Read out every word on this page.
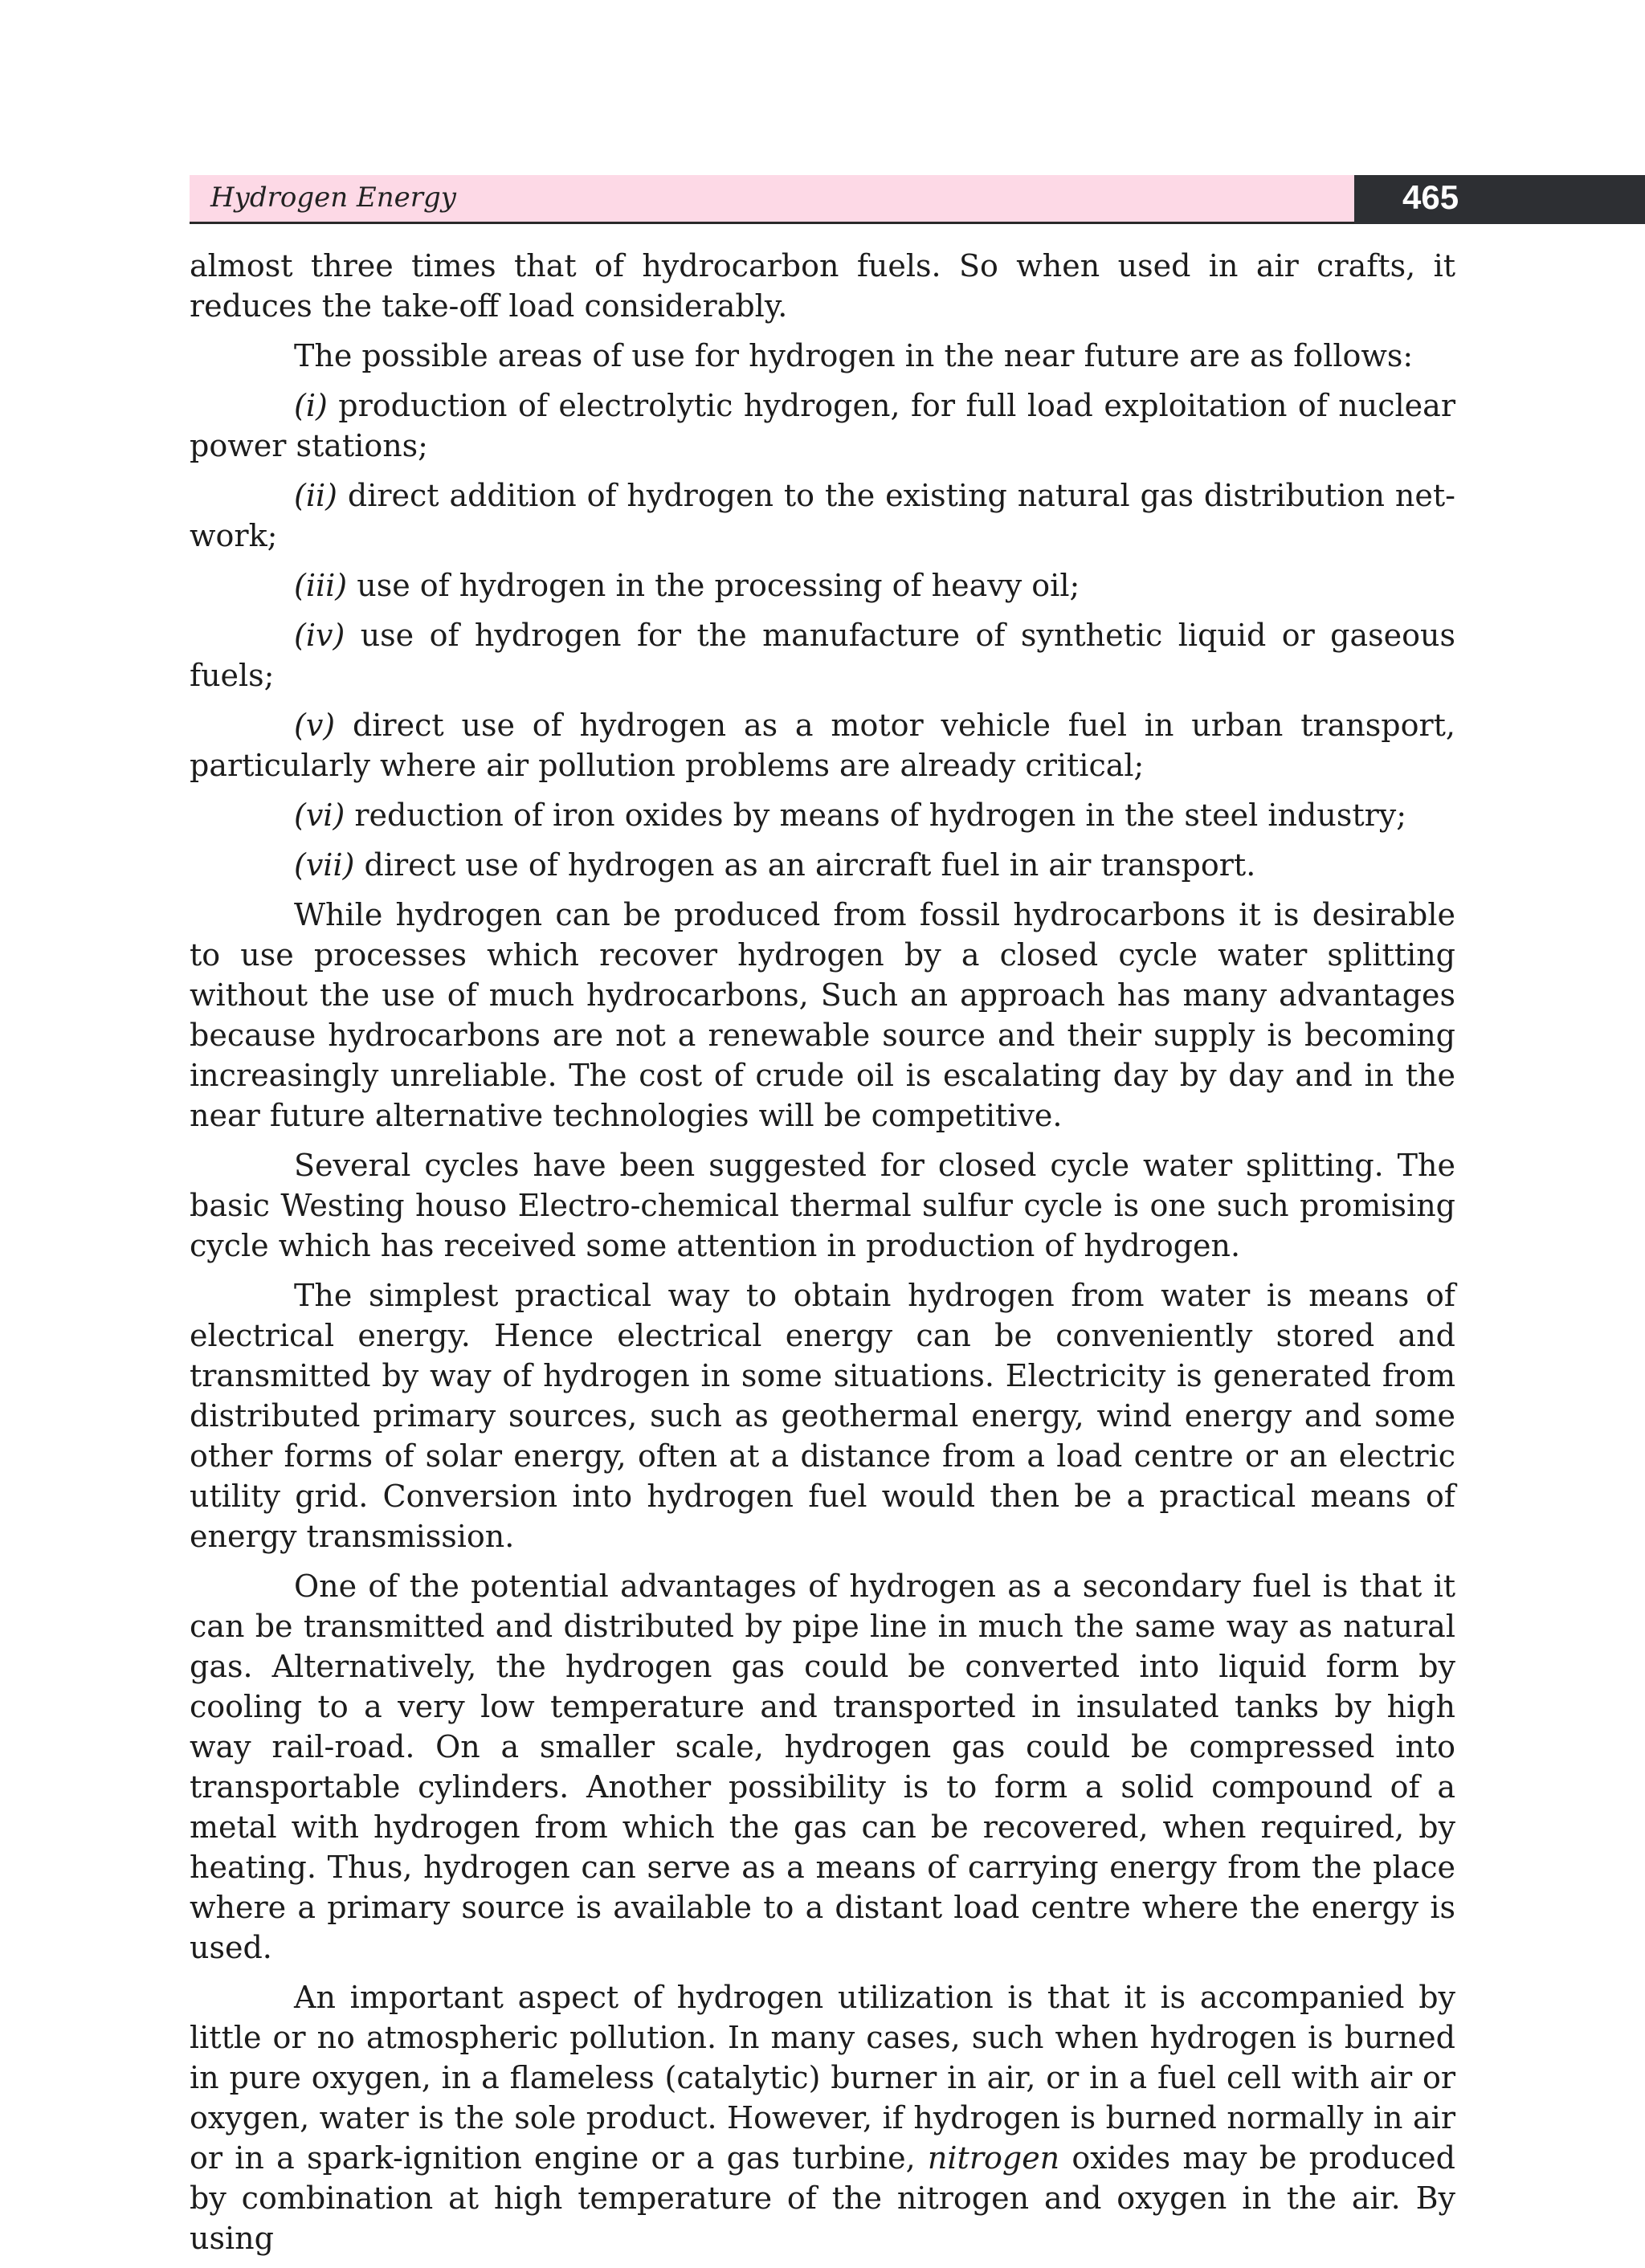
Hydrogen Energy	465

almost three times that of hydrocarbon fuels. So when used in air crafts, it reduces the take-off load considerably.

The possible areas of use for hydrogen in the near future are as follows:

(i) production of electrolytic hydrogen, for full load exploitation of nuclear power stations;

(ii) direct addition of hydrogen to the existing natural gas distribution net-work;

(iii) use of hydrogen in the processing of heavy oil;

(iv) use of hydrogen for the manufacture of synthetic liquid or gaseous fuels;

(v) direct use of hydrogen as a motor vehicle fuel in urban transport, particularly where air pollution problems are already critical;

(vi) reduction of iron oxides by means of hydrogen in the steel industry;

(vii) direct use of hydrogen as an aircraft fuel in air transport.

While hydrogen can be produced from fossil hydrocarbons it is desirable to use processes which recover hydrogen by a closed cycle water splitting without the use of much hydrocarbons, Such an approach has many advantages because hydrocarbons are not a renewable source and their supply is becoming increasingly unreliable. The cost of crude oil is escalating day by day and in the near future alternative technologies will be competitive.

Several cycles have been suggested for closed cycle water splitting. The basic Westing houso Electro-chemical thermal sulfur cycle is one such promising cycle which has received some attention in production of hydrogen.

The simplest practical way to obtain hydrogen from water is means of electrical energy. Hence electrical energy can be conveniently stored and transmitted by way of hydrogen in some situations. Electricity is generated from distributed primary sources, such as geothermal energy, wind energy and some other forms of solar energy, often at a distance from a load centre or an electric utility grid. Conversion into hydrogen fuel would then be a practical means of energy transmission.

One of the potential advantages of hydrogen as a secondary fuel is that it can be transmitted and distributed by pipe line in much the same way as natural gas. Alternatively, the hydrogen gas could be converted into liquid form by cooling to a very low temperature and transported in insulated tanks by high way rail-road. On a smaller scale, hydrogen gas could be compressed into transportable cylinders. Another possibility is to form a solid compound of a metal with hydrogen from which the gas can be recovered, when required, by heating. Thus, hydrogen can serve as a means of carrying energy from the place where a primary source is available to a distant load centre where the energy is used.

An important aspect of hydrogen utilization is that it is accompanied by little or no atmospheric pollution. In many cases, such when hydrogen is burned in pure oxygen, in a flameless (catalytic) burner in air, or in a fuel cell with air or oxygen, water is the sole product. However, if hydrogen is burned normally in air or in a spark-ignition engine or a gas turbine, nitrogen oxides may be produced by combination at high temperature of the nitrogen and oxygen in the air. By using
